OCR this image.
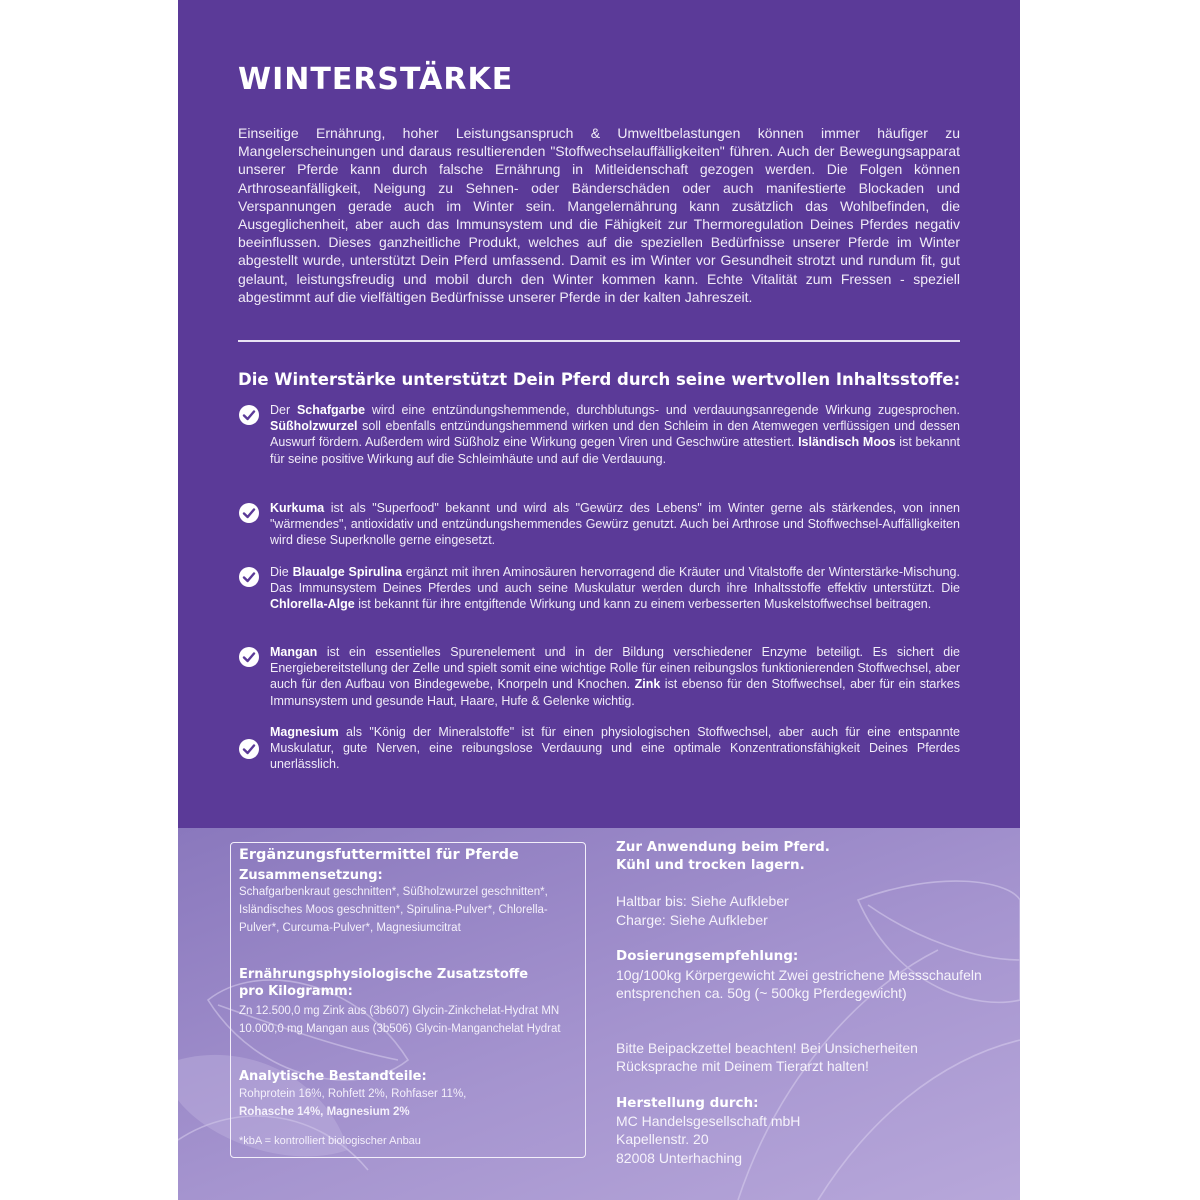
WINTERSTÄRKE
Einseitige Ernährung, hoher Leistungsanspruch & Umweltbelastungen können immer häufiger zu Mangelerscheinungen und daraus resultierenden "Stoffwechselauffälligkeiten" führen. Auch der Bewegungsapparat unserer Pferde kann durch falsche Ernährung in Mitleidenschaft gezogen werden. Die Folgen können Arthroseanfälligkeit, Neigung zu Sehnen- oder Bänderschäden oder auch manifestierte Blockaden und Verspannungen gerade auch im Winter sein. Mangelernährung kann zusätzlich das Wohlbefinden, die Ausgeglichenheit, aber auch das Immunsystem und die Fähigkeit zur Thermoregulation Deines Pferdes negativ beeinflussen. Dieses ganzheitliche Produkt, welches auf die speziellen Bedürfnisse unserer Pferde im Winter abgestellt wurde, unterstützt Dein Pferd umfassend. Damit es im Winter vor Gesundheit strotzt und rundum fit, gut gelaunt, leistungsfreudig und mobil durch den Winter kommen kann. Echte Vitalität zum Fressen - speziell abgestimmt auf die vielfältigen Bedürfnisse unserer Pferde in der kalten Jahreszeit.
Die Winterstärke unterstützt Dein Pferd durch seine wertvollen Inhaltsstoffe:
Der Schafgarbe wird eine entzündungshemmende, durchblutungs- und verdauungsanregende Wirkung zugesprochen. Süßholzwurzel soll ebenfalls entzündungshemmend wirken und den Schleim in den Atemwegen verflüssigen und dessen Auswurf fördern. Außerdem wird Süßholz eine Wirkung gegen Viren und Geschwüre attestiert. Isländisch Moos ist bekannt für seine positive Wirkung auf die Schleimhäute und auf die Verdauung.
Kurkuma ist als "Superfood" bekannt und wird als "Gewürz des Lebens" im Winter gerne als stärkendes, von innen "wärmendes", antioxidativ und entzündungshemmendes Gewürz genutzt. Auch bei Arthrose und Stoffwechsel-Auffälligkeiten wird diese Superknolle gerne eingesetzt.
Die Blaualge Spirulina ergänzt mit ihren Aminosäuren hervorragend die Kräuter und Vitalstoffe der Winterstärke-Mischung. Das Immunsystem Deines Pferdes und auch seine Muskulatur werden durch ihre Inhaltsstoffe effektiv unterstützt. Die Chlorella-Alge ist bekannt für ihre entgiftende Wirkung und kann zu einem verbesserten Muskelstoffwechsel beitragen.
Mangan ist ein essentielles Spurenelement und in der Bildung verschiedener Enzyme beteiligt. Es sichert die Energiebereitstellung der Zelle und spielt somit eine wichtige Rolle für einen reibungslos funktionierenden Stoffwechsel, aber auch für den Aufbau von Bindegewebe, Knorpeln und Knochen. Zink ist ebenso für den Stoffwechsel, aber für ein starkes Immunsystem und gesunde Haut, Haare, Hufe & Gelenke wichtig.
Magnesium als "König der Mineralstoffe" ist für einen physiologischen Stoffwechsel, aber auch für eine entspannte Muskulatur, gute Nerven, eine reibungslose Verdauung und eine optimale Konzentrationsfähigkeit Deines Pferdes unerlässlich.
Ergänzungsfuttermittel für Pferde
Zusammensetzung:
Schafgarbenkraut geschnitten*, Süßholzwurzel geschnitten*, Isländisches Moos geschnitten*, Spirulina-Pulver*, Chlorella-Pulver*, Curcuma-Pulver*, Magnesiumcitrat
Ernährungsphysiologische Zusatzstoffe pro Kilogramm:
Zn 12.500,0 mg Zink aus (3b607) Glycin-Zinkchelat-Hydrat MN 10.000,0 mg Mangan aus (3b506) Glycin-Manganchelat Hydrat
Analytische Bestandteile:
Rohprotein 16%, Rohfett 2%, Rohfaser 11%,
Rohasche 14%, Magnesium 2%
*kbA = kontrolliert biologischer Anbau
Zur Anwendung beim Pferd. Kühl und trocken lagern.
Haltbar bis: Siehe Aufkleber
Charge: Siehe Aufkleber
Dosierungsempfehlung:
10g/100kg Körpergewicht Zwei gestrichene Messschaufeln entsprenchen ca. 50g (~ 500kg Pferdegewicht)
Bitte Beipackzettel beachten! Bei Unsicherheiten Rücksprache mit Deinem Tierarzt halten!
Herstellung durch:
MC Handelsgesellschaft mbH
Kapellenstr. 20
82008 Unterhaching
